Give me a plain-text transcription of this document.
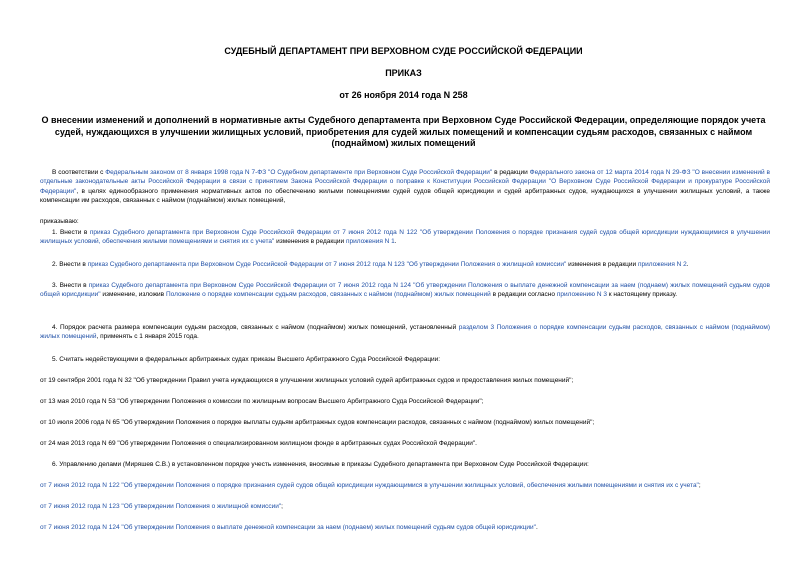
СУДЕБНЫЙ ДЕПАРТАМЕНТ ПРИ ВЕРХОВНОМ СУДЕ РОССИЙСКОЙ ФЕДЕРАЦИИ
ПРИКАЗ
от 26 ноября 2014 года N 258
О внесении изменений и дополнений в нормативные акты Судебного департамента при Верховном Суде Российской Федерации, определяющие порядок учета судей, нуждающихся в улучшении жилищных условий, приобретения для судей жилых помещений и компенсации судьям расходов, связанных с наймом (поднаймом) жилых помещений
В соответствии с Федеральным законом от 8 января 1998 года N 7-ФЗ "О Судебном департаменте при Верховном Суде Российской Федерации" в редакции Федерального закона от 12 марта 2014 года N 29-ФЗ "О внесении изменений в отдельные законодательные акты Российской Федерации в связи с принятием Закона Российской Федерации о поправке к Конституции Российской Федерации "О Верховном Суде Российской Федерации и прокуратуре Российской Федерации", в целях единообразного применения нормативных актов по обеспечению жилыми помещениями судей судов общей юрисдикции и судей арбитражных судов, нуждающихся в улучшении жилищных условий, а также компенсации им расходов, связанных с наймом (поднаймом) жилых помещений,
приказываю:
1. Внести в приказ Судебного департамента при Верховном Суде Российской Федерации от 7 июня 2012 года N 122 "Об утверждении Положения о порядке признания судей судов общей юрисдикции нуждающимися в улучшении жилищных условий, обеспечения жилыми помещениями и снятия их с учета" изменения в редакции приложения N 1.
2. Внести в приказ Судебного департамента при Верховном Суде Российской Федерации от 7 июня 2012 года N 123 "Об утверждении Положения о жилищной комиссии" изменения в редакции приложения N 2.
3. Внести в приказ Судебного департамента при Верховном Суде Российской Федерации от 7 июня 2012 года N 124 "Об утверждении Положения о выплате денежной компенсации за наем (поднаем) жилых помещений судьям судов общей юрисдикции" изменение, изложив Положение о порядке компенсации судьям расходов, связанных с наймом (поднаймом) жилых помещений в редакции согласно приложению N 3 к настоящему приказу.
4. Порядок расчета размера компенсации судьям расходов, связанных с наймом (поднаймом) жилых помещений, установленный разделом 3 Положения о порядке компенсации судьям расходов, связанных с наймом (поднаймом) жилых помещений, применять с 1 января 2015 года.
5. Считать недействующими в федеральных арбитражных судах приказы Высшего Арбитражного Суда Российской Федерации:
от 19 сентября 2001 года N 32 "Об утверждении Правил учета нуждающихся в улучшении жилищных условий судей арбитражных судов и предоставления жилых помещений";
от 13 мая 2010 года N 53 "Об утверждении Положения о комиссии по жилищным вопросам Высшего Арбитражного Суда Российской Федерации";
от 10 июля 2006 года N 65 "Об утверждении Положения о порядке выплаты судьям арбитражных судов компенсации расходов, связанных с наймом (поднаймом) жилых помещений";
от 24 мая 2013 года N 69 "Об утверждении Положения о специализированном жилищном фонде в арбитражных судах Российской Федерации".
6. Управлению делами (Миряшев С.В.) в установленном порядке учесть изменения, вносимые в приказы Судебного департамента при Верховном Суде Российской Федерации:
от 7 июня 2012 года N 122 "Об утверждении Положения о порядке признания судей судов общей юрисдикции нуждающимися в улучшении жилищных условий, обеспечения жилыми помещениями и снятия их с учета";
от 7 июня 2012 года N 123 "Об утверждении Положения о жилищной комиссии";
от 7 июня 2012 года N 124 "Об утверждении Положения о выплате денежной компенсации за наем (поднаем) жилых помещений судьям судов общей юрисдикции".
